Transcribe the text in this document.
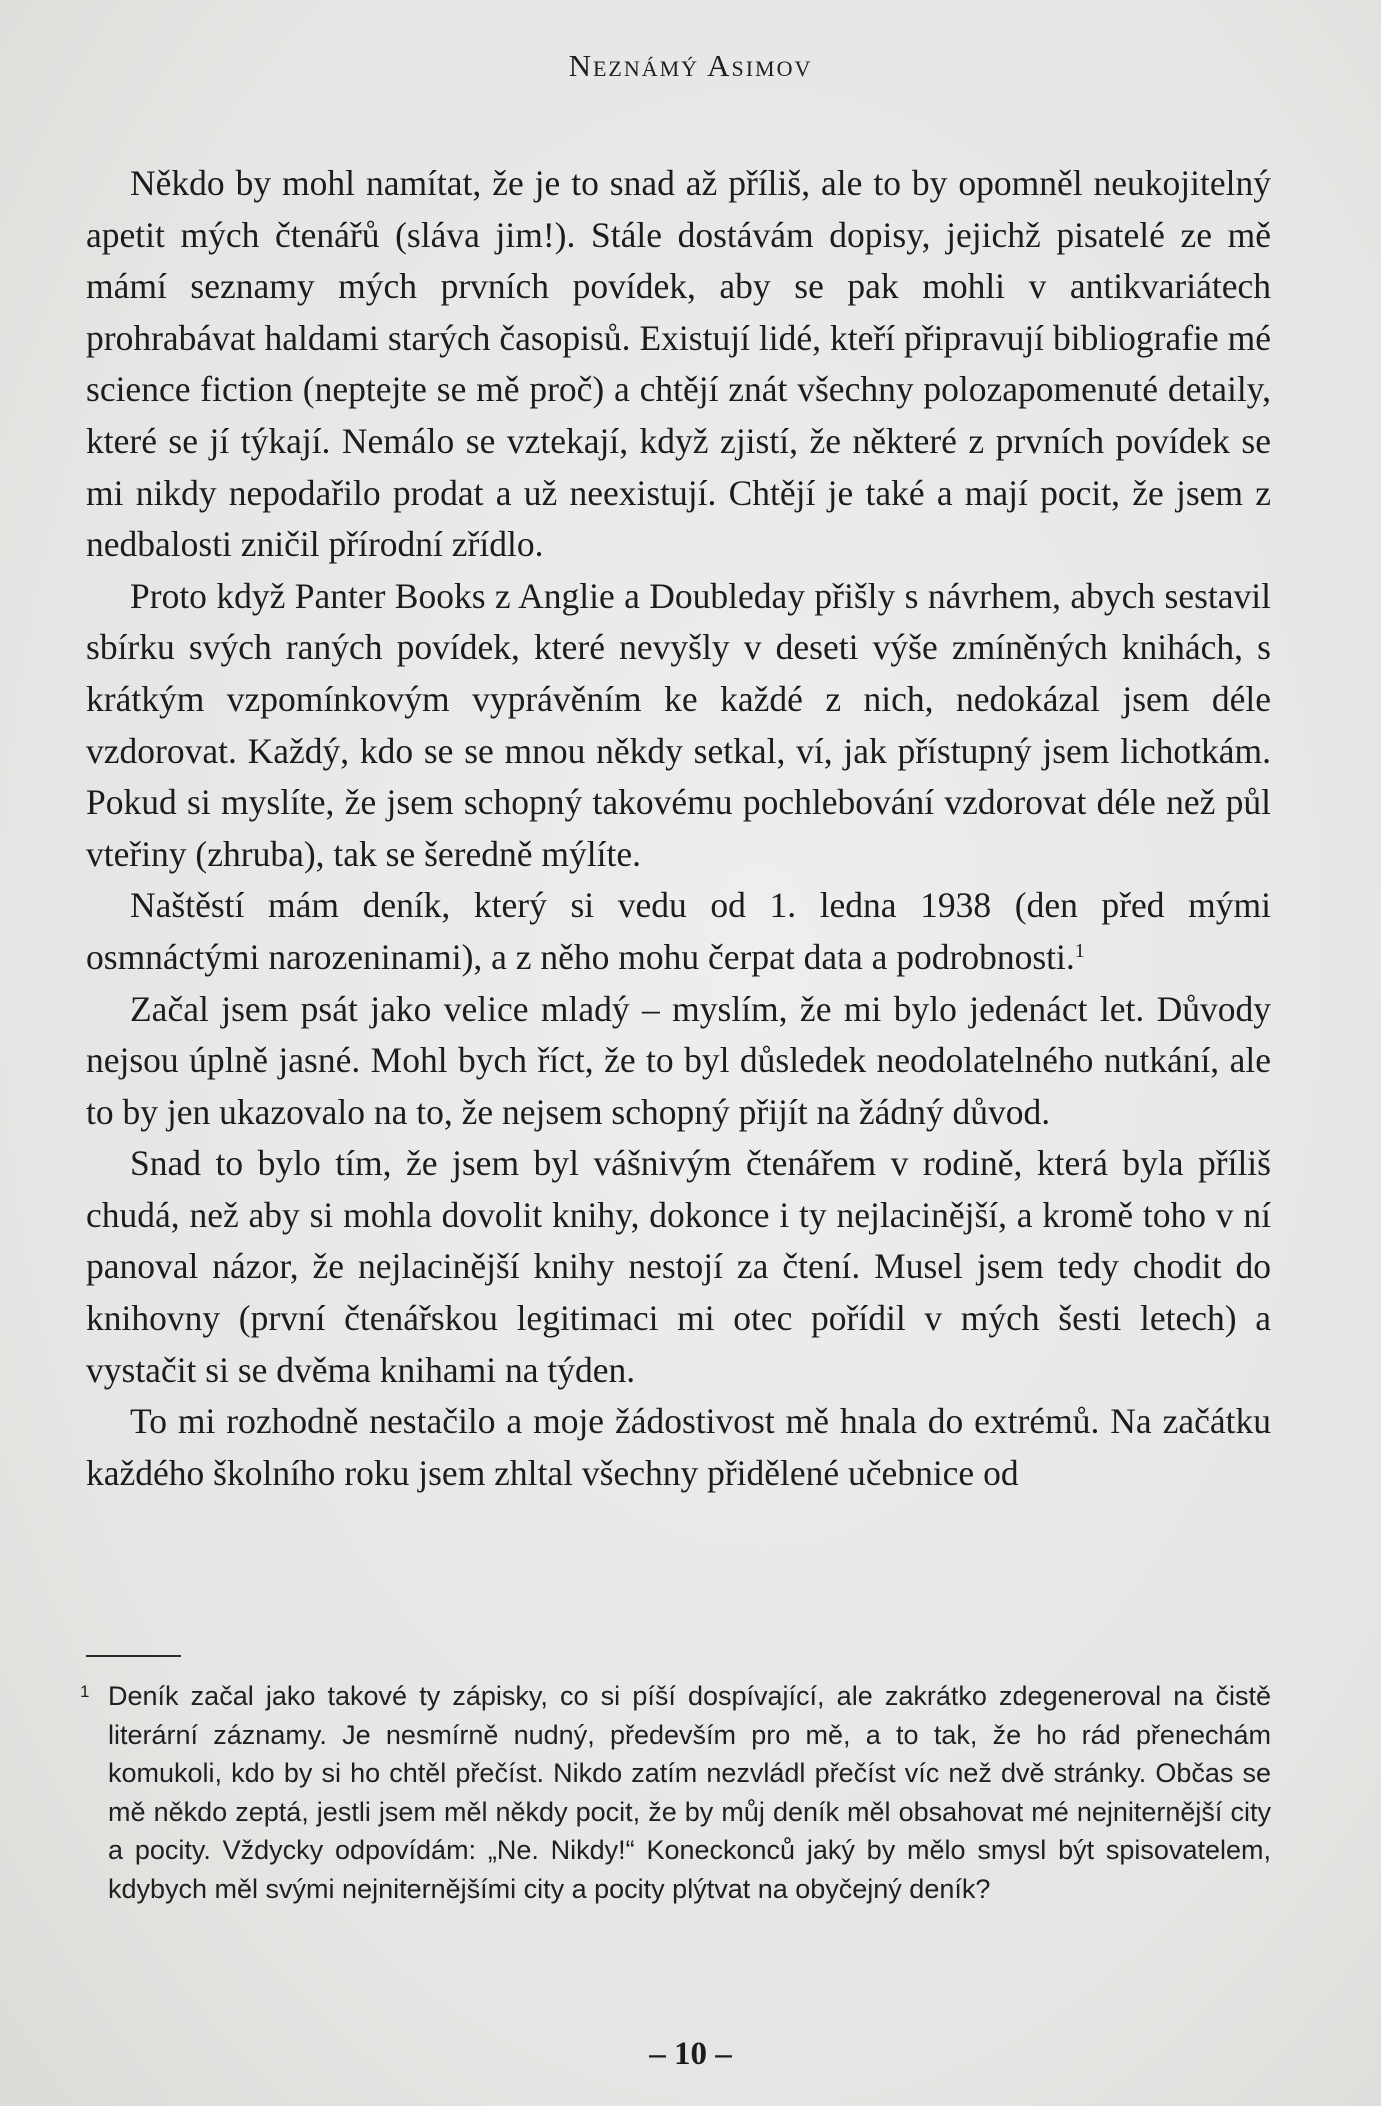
Neznámý Asimov

Někdo by mohl namítat, že je to snad až příliš, ale to by opomněl neukojitelný apetit mých čtenářů (sláva jim!). Stále dostávám dopisy, jejichž pisatelé ze mě mámí seznamy mých prvních povídek, aby se pak mohli v antikvariátech prohrabávat haldami starých časopisů. Existují lidé, kteří připravují bibliografie mé science fiction (neptejte se mě proč) a chtějí znát všechny polozapomenuté detaily, které se jí týkají. Nemálo se vztekají, když zjistí, že některé z prvních povídek se mi nikdy nepodařilo prodat a už neexistují. Chtějí je také a mají pocit, že jsem z nedbalosti zničil přírodní zřídlo.

Proto když Panter Books z Anglie a Doubleday přišly s návrhem, abych sestavil sbírku svých raných povídek, které nevyšly v deseti výše zmíněných knihách, s krátkým vzpomínkovým vyprávěním ke každé z nich, nedokázal jsem déle vzdorovat. Každý, kdo se se mnou někdy setkal, ví, jak přístupný jsem lichotkám. Pokud si myslíte, že jsem schopný takovému pochlebování vzdorovat déle než půl vteřiny (zhruba), tak se šeredně mýlíte.

Naštěstí mám deník, který si vedu od 1. ledna 1938 (den před mými osmnáctými narozeninami), a z něho mohu čerpat data a podrobnosti.$^1$

Začal jsem psát jako velice mladý – myslím, že mi bylo jedenáct let. Důvody nejsou úplně jasné. Mohl bych říct, že to byl důsledek neodolatelného nutkání, ale to by jen ukazovalo na to, že nejsem schopný přijít na žádný důvod.

Snad to bylo tím, že jsem byl vášnivým čtenářem v rodině, která byla příliš chudá, než aby si mohla dovolit knihy, dokonce i ty nejlacinější, a kromě toho v ní panoval názor, že nejlacinější knihy nestojí za čtení. Musel jsem tedy chodit do knihovny (první čtenářskou legitimaci mi otec pořídil v mých šesti letech) a vystačit si se dvěma knihami na týden.

To mi rozhodně nestačilo a moje žádostivost mě hnala do extrémů. Na začátku každého školního roku jsem zhltal všechny přidělené učebnice od

1 Deník začal jako takové ty zápisky, co si píší dospívající, ale zakrátko zdegeneroval na čistě literární záznamy. Je nesmírně nudný, především pro mě, a to tak, že ho rád přenechám komukoli, kdo by si ho chtěl přečíst. Nikdo zatím nezvládl přečíst víc než dvě stránky. Občas se mě někdo zeptá, jestli jsem měl někdy pocit, že by můj deník měl obsahovat mé nejniternější city a pocity. Vždycky odpovídám: „Ne. Nikdy!“ Koneckonců jaký by mělo smysl být spisovatelem, kdybych měl svými nejniternějšími city a pocity plýtvat na obyčejný deník?
– 10 –
